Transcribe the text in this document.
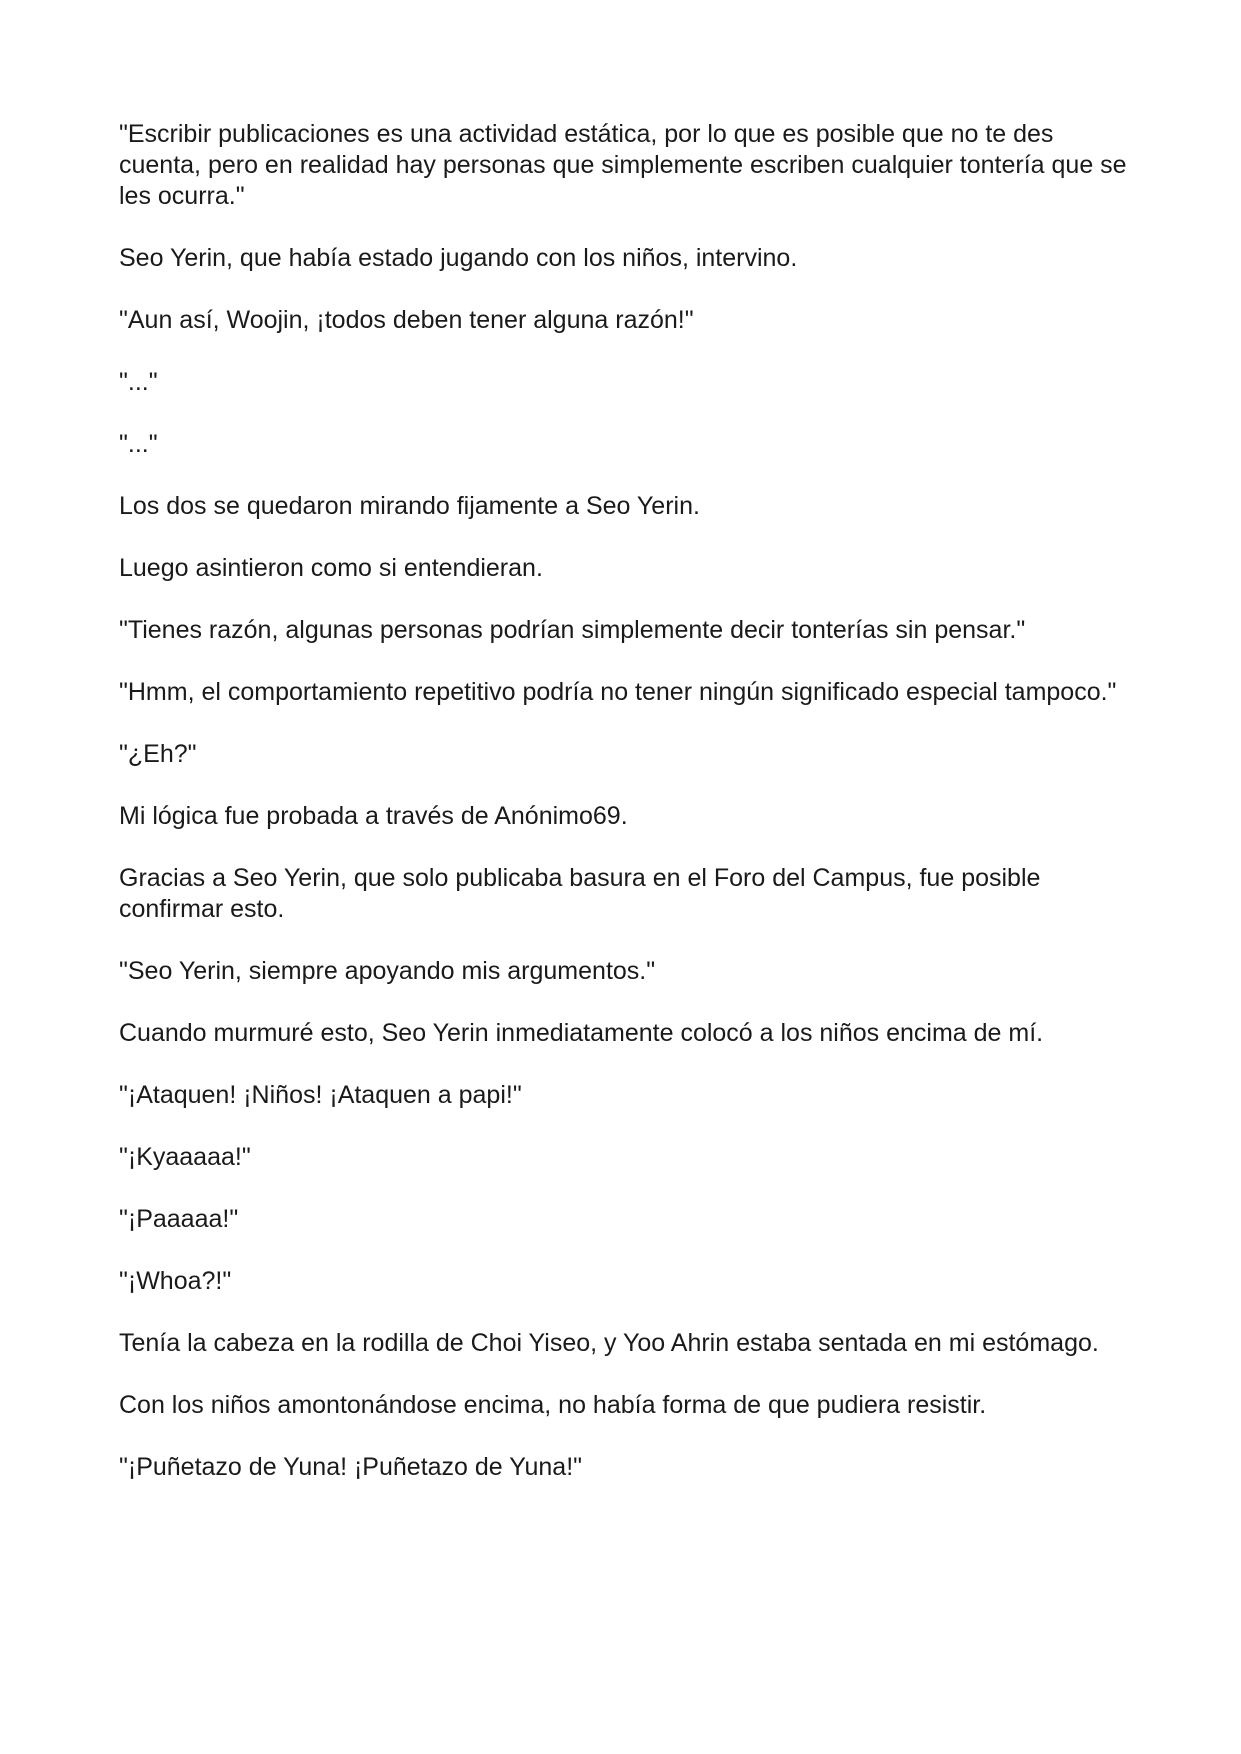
"Escribir publicaciones es una actividad estática, por lo que es posible que no te des cuenta, pero en realidad hay personas que simplemente escriben cualquier tontería que se les ocurra."

Seo Yerin, que había estado jugando con los niños, intervino.

"Aun así, Woojin, ¡todos deben tener alguna razón!"

"..."

"..."

Los dos se quedaron mirando fijamente a Seo Yerin.

Luego asintieron como si entendieran.

"Tienes razón, algunas personas podrían simplemente decir tonterías sin pensar."

"Hmm, el comportamiento repetitivo podría no tener ningún significado especial tampoco."

"¿Eh?"

Mi lógica fue probada a través de Anónimo69.

Gracias a Seo Yerin, que solo publicaba basura en el Foro del Campus, fue posible confirmar esto.

"Seo Yerin, siempre apoyando mis argumentos."

Cuando murmuré esto, Seo Yerin inmediatamente colocó a los niños encima de mí.

"¡Ataquen! ¡Niños! ¡Ataquen a papi!"

"¡Kyaaaaa!"

"¡Paaaaa!"

"¡Whoa?!"

Tenía la cabeza en la rodilla de Choi Yiseo, y Yoo Ahrin estaba sentada en mi estómago.

Con los niños amontonándose encima, no había forma de que pudiera resistir.

"¡Puñetazo de Yuna! ¡Puñetazo de Yuna!"
